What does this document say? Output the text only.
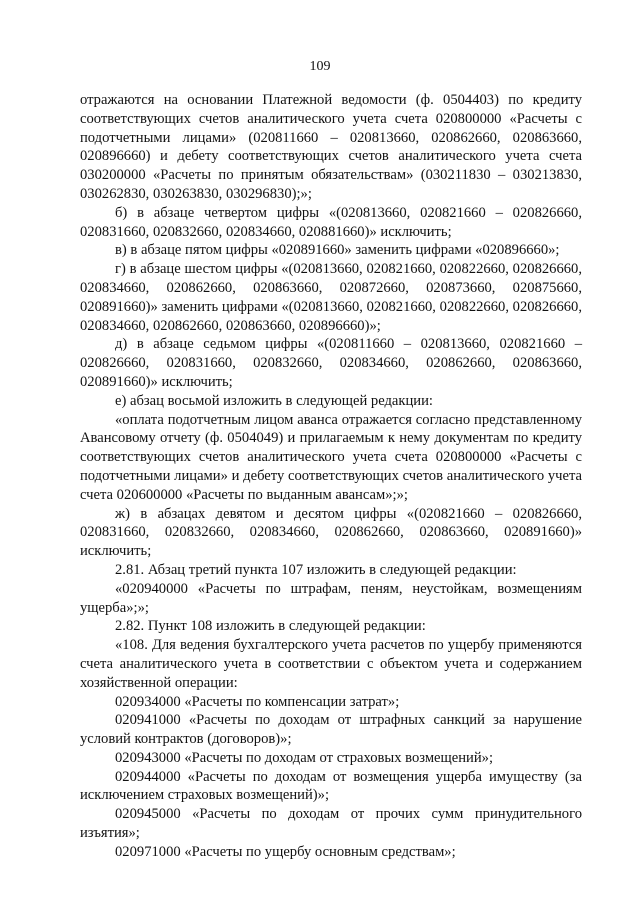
109

отражаются на основании Платежной ведомости (ф. 0504403) по кредиту соответствующих счетов аналитического учета счета 020800000 «Расчеты с подотчетными лицами» (020811660 – 020813660, 020862660, 020863660, 020896660) и дебету соответствующих счетов аналитического учета счета 030200000 «Расчеты по принятым обязательствам» (030211830 – 030213830, 030262830, 030263830, 030296830);»;

б) в абзаце четвертом цифры «(020813660, 020821660 – 020826660, 020831660, 020832660, 020834660, 020881660)» исключить;

в) в абзаце пятом цифры «020891660» заменить цифрами «020896660»;

г) в абзаце шестом цифры «(020813660, 020821660, 020822660, 020826660, 020834660, 020862660, 020863660, 020872660, 020873660, 020875660, 020891660)» заменить цифрами «(020813660, 020821660, 020822660, 020826660, 020834660, 020862660, 020863660, 020896660)»;

д) в абзаце седьмом цифры «(020811660 – 020813660, 020821660 – 020826660, 020831660, 020832660, 020834660, 020862660, 020863660, 020891660)» исключить;

е) абзац восьмой изложить в следующей редакции:

«оплата подотчетным лицом аванса отражается согласно представленному Авансовому отчету (ф. 0504049) и прилагаемым к нему документам по кредиту соответствующих счетов аналитического учета счета 020800000 «Расчеты с подотчетными лицами» и дебету соответствующих счетов аналитического учета счета 020600000 «Расчеты по выданным авансам»;»;

ж) в абзацах девятом и десятом цифры «(020821660 – 020826660, 020831660, 020832660, 020834660, 020862660, 020863660, 020891660)» исключить;

2.81. Абзац третий пункта 107 изложить в следующей редакции:

«020940000 «Расчеты по штрафам, пеням, неустойкам, возмещениям ущерба»;»;

2.82. Пункт 108 изложить в следующей редакции:

«108. Для ведения бухгалтерского учета расчетов по ущербу применяются счета аналитического учета в соответствии с объектом учета и содержанием хозяйственной операции:

020934000 «Расчеты по компенсации затрат»;

020941000 «Расчеты по доходам от штрафных санкций за нарушение условий контрактов (договоров)»;

020943000 «Расчеты по доходам от страховых возмещений»;

020944000 «Расчеты по доходам от возмещения ущерба имуществу (за исключением страховых возмещений)»;

020945000 «Расчеты по доходам от прочих сумм принудительного изъятия»;

020971000 «Расчеты по ущербу основным средствам»;
